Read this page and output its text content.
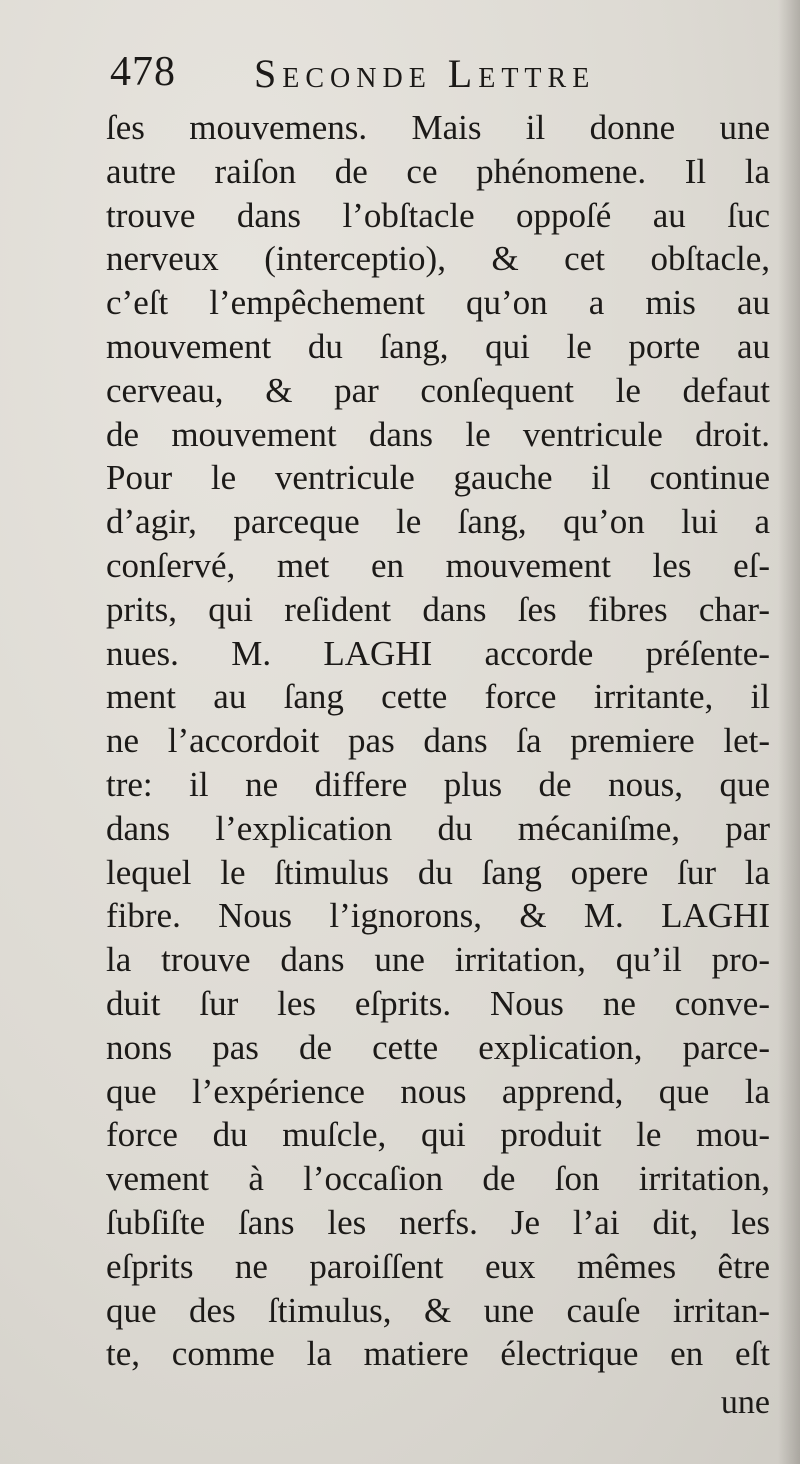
478 Seconde Lettre
ſes mouvemens. Mais il donne une
autre raiſon de ce phénomene. Il la
trouve dans l’obſtacle oppoſé au ſuc
nerveux (interceptio), & cet obſtacle,
c’eſt l’empêchement qu’on a mis au
mouvement du ſang, qui le porte au
cerveau, & par conſequent le defaut
de mouvement dans le ventricule droit.
Pour le ventricule gauche il continue
d’agir, parceque le ſang, qu’on lui a
conſervé, met en mouvement les eſ-
prits, qui reſident dans ſes fibres char-
nues. M. LAGHI accorde préſente-
ment au ſang cette force irritante, il
ne l’accordoit pas dans ſa premiere let-
tre: il ne differe plus de nous, que
dans l’explication du mécaniſme, par
lequel le ſtimulus du ſang opere ſur la
fibre. Nous l’ignorons, & M. LAGHI
la trouve dans une irritation, qu’il pro-
duit ſur les eſprits. Nous ne conve-
nons pas de cette explication, parce-
que l’expérience nous apprend, que la
force du muſcle, qui produit le mou-
vement à l’occaſion de ſon irritation,
ſubſiſte ſans les nerfs. Je l’ai dit, les
eſprits ne paroiſſent eux mêmes être
que des ſtimulus, & une cauſe irritan-
te, comme la matiere électrique en eſt
une
